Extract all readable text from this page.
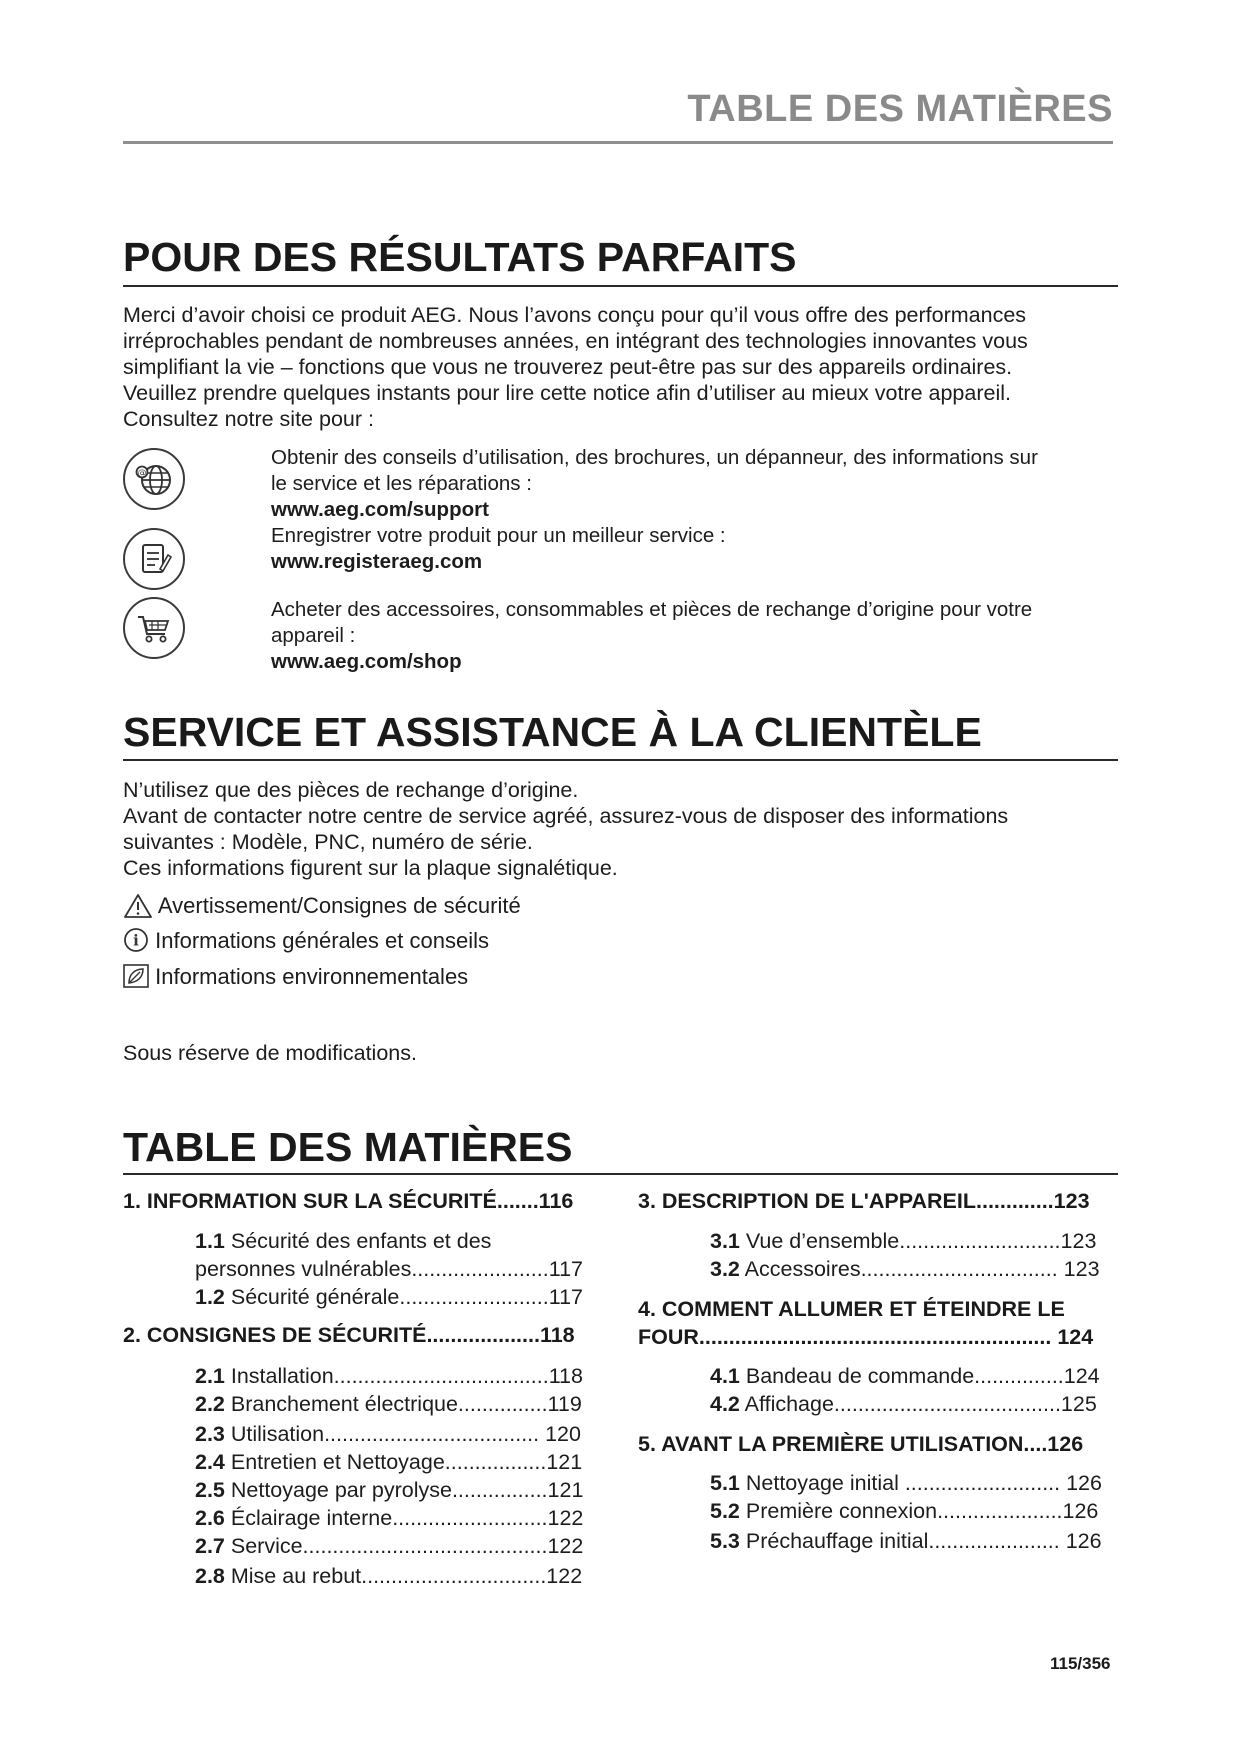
TABLE DES MATIÈRES
POUR DES RÉSULTATS PARFAITS
Merci d’avoir choisi ce produit AEG. Nous l’avons conçu pour qu’il vous offre des performances
irréprochables pendant de nombreuses années, en intégrant des technologies innovantes vous
simplifiant la vie – fonctions que vous ne trouverez peut-être pas sur des appareils ordinaires.
Veuillez prendre quelques instants pour lire cette notice afin d’utiliser au mieux votre appareil.
Consultez notre site pour :
@
Obtenir des conseils d’utilisation, des brochures, un dépanneur, des informations sur
le service et les réparations :
www.aeg.com/support
Enregistrer votre produit pour un meilleur service :
www.registeraeg.com
Acheter des accessoires, consommables et pièces de rechange d’origine pour votre
appareil :
www.aeg.com/shop
SERVICE ET ASSISTANCE À LA CLIENTÈLE
N’utilisez que des pièces de rechange d’origine.
Avant de contacter notre centre de service agréé, assurez-vous de disposer des informations
suivantes : Modèle, PNC, numéro de série.
Ces informations figurent sur la plaque signalétique.
Avertissement/Consignes de sécurité
i Informations générales et conseils
Informations environnementales
Sous réserve de modifications.
TABLE DES MATIÈRES
1. INFORMATION SUR LA SÉCURITÉ.......116
1.1 Sécurité des enfants et des
personnes vulnérables.......................117
1.2 Sécurité générale.........................117
2. CONSIGNES DE SÉCURITÉ...................118
2.1 Installation....................................118
2.2 Branchement électrique...............119
2.3 Utilisation.................................... 120
2.4 Entretien et Nettoyage.................121
2.5 Nettoyage par pyrolyse................121
2.6 Éclairage interne..........................122
2.7 Service.........................................122
2.8 Mise au rebut...............................122
3. DESCRIPTION DE L'APPAREIL.............123
3.1 Vue d’ensemble...........................123
3.2 Accessoires................................. 123
4. COMMENT ALLUMER ET ÉTEINDRE LE
FOUR........................................................... 124
4.1 Bandeau de commande...............124
4.2 Affichage......................................125
5. AVANT LA PREMIÈRE UTILISATION....126
5.1 Nettoyage initial .......................... 126
5.2 Première connexion.....................126
5.3 Préchauffage initial...................... 126
115/356
